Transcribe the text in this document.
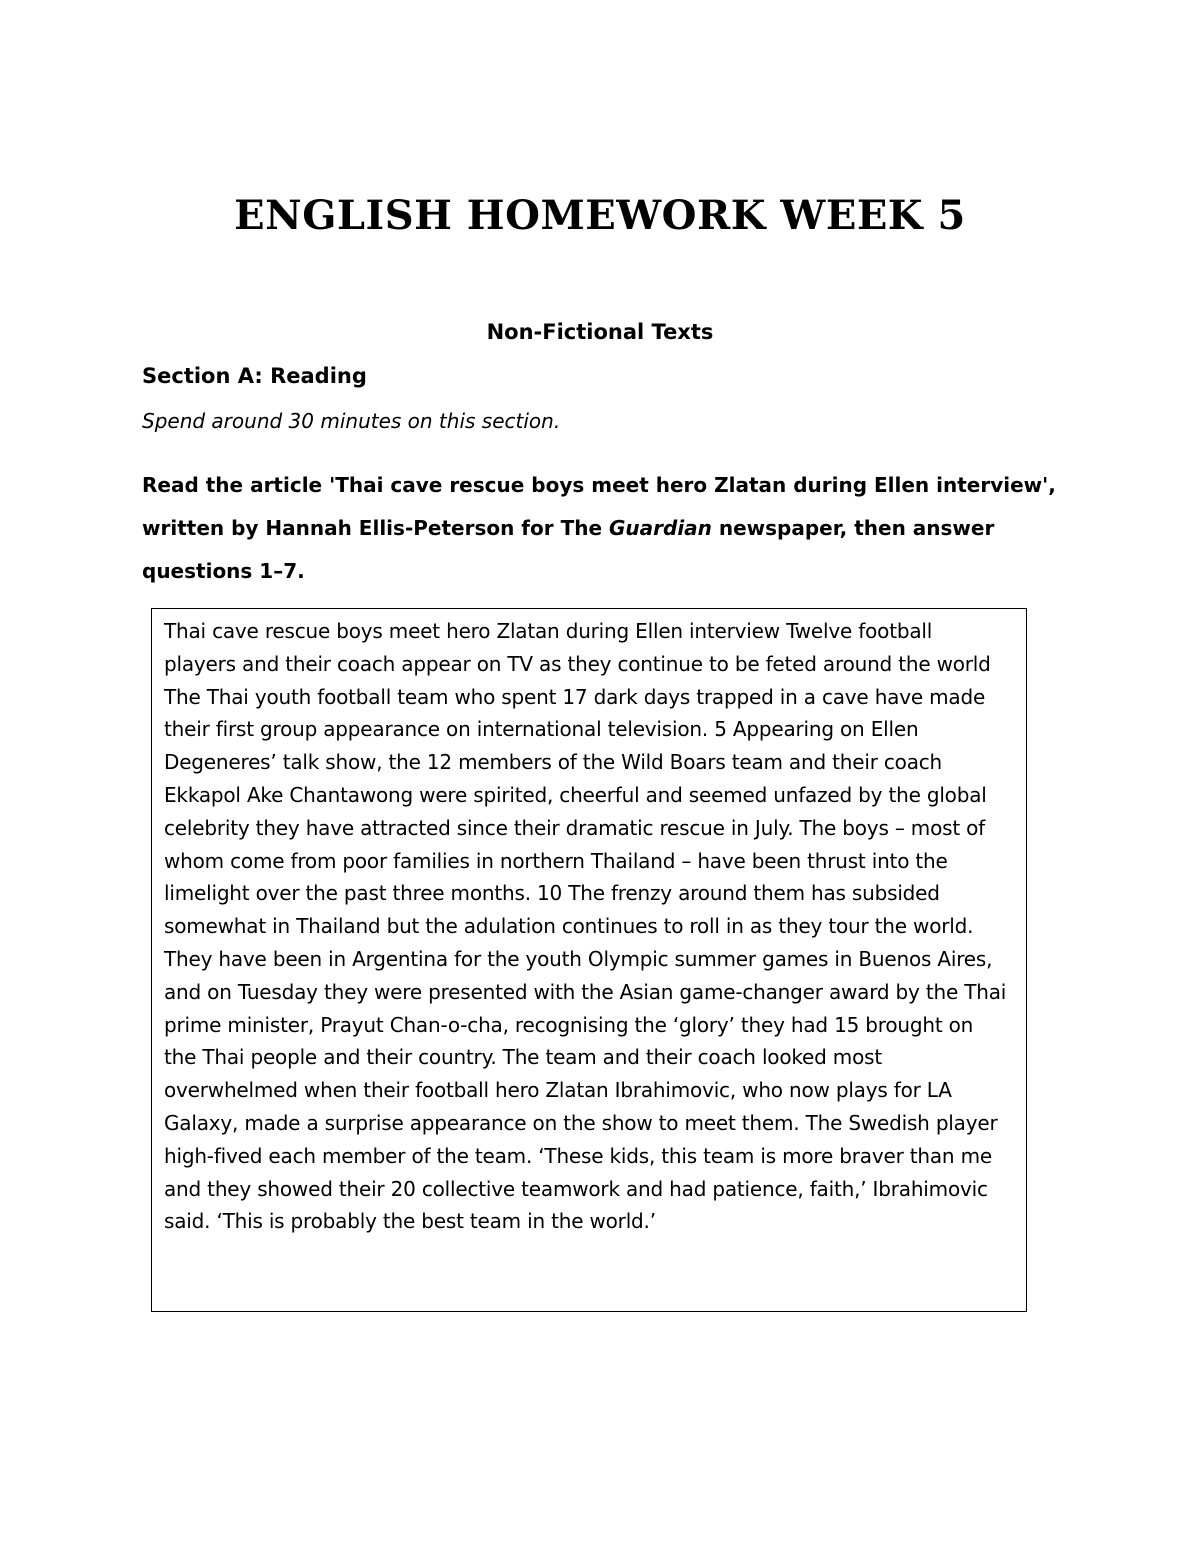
ENGLISH HOMEWORK WEEK 5
Non-Fictional Texts
Section A: Reading
Spend around 30 minutes on this section.
Read the article 'Thai cave rescue boys meet hero Zlatan during Ellen interview', written by Hannah Ellis-Peterson for The Guardian newspaper, then answer questions 1–7.

Thai cave rescue boys meet hero Zlatan during Ellen interview Twelve football players and their coach appear on TV as they continue to be feted around the world The Thai youth football team who spent 17 dark days trapped in a cave have made their first group appearance on international television. 5 Appearing on Ellen Degeneres’ talk show, the 12 members of the Wild Boars team and their coach Ekkapol Ake Chantawong were spirited, cheerful and seemed unfazed by the global celebrity they have attracted since their dramatic rescue in July. The boys – most of whom come from poor families in northern Thailand – have been thrust into the limelight over the past three months. 10 The frenzy around them has subsided somewhat in Thailand but the adulation continues to roll in as they tour the world. They have been in Argentina for the youth Olympic summer games in Buenos Aires, and on Tuesday they were presented with the Asian game-changer award by the Thai prime minister, Prayut Chan-o-cha, recognising the ‘glory’ they had 15 brought on the Thai people and their country. The team and their coach looked most overwhelmed when their football hero Zlatan Ibrahimovic, who now plays for LA Galaxy, made a surprise appearance on the show to meet them. The Swedish player high-fived each member of the team. ‘These kids, this team is more braver than me and they showed their 20 collective teamwork and had patience, faith,’ Ibrahimovic said. ‘This is probably the best team in the world.’
